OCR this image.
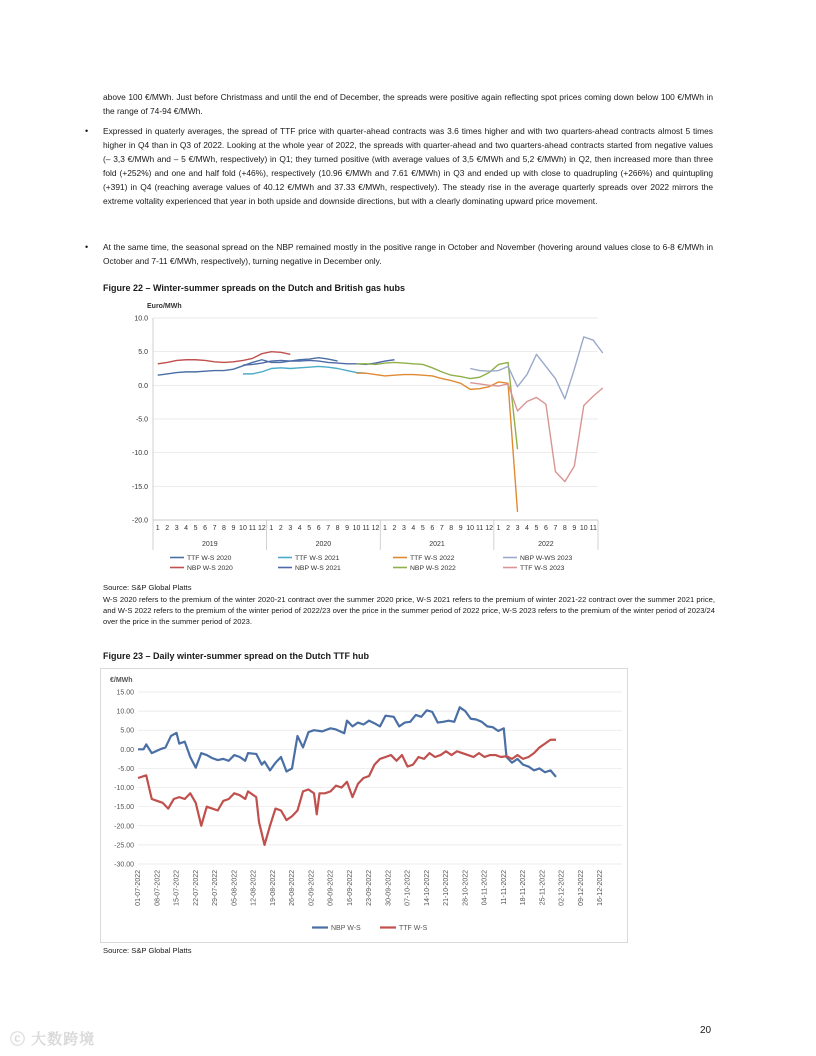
above 100 €/MWh. Just before Christmass and until the end of December, the spreads were positive again reflecting spot prices coming down below 100 €/MWh in the range of 74-94 €/MWh.

• Expressed in quaterly averages, the spread of TTF price with quarter-ahead contracts was 3.6 times higher and with two quarters-ahead contracts almost 5 times higher in Q4 than in Q3 of 2022. Looking at the whole year of 2022, the spreads with quarter-ahead and two quarters-ahead contracts started from negative values (– 3,3 €/MWh and – 5 €/MWh, respectively) in Q1; they turned positive (with average values of 3,5 €/MWh and 5,2 €/MWh) in Q2, then increased more than three fold (+252%) and one and half fold (+46%), respectively (10.96 €/MWh and 7.61 €/MWh) in Q3 and ended up with close to quadrupling (+266%) and quintupling (+391) in Q4 (reaching average values of 40.12 €/MWh and 37.33 €/MWh, respectively). The steady rise in the average quarterly spreads over 2022 mirrors the extreme voltality experienced that year in both upside and downside directions, but with a clearly dominating upward price movement.

• At the same time, the seasonal spread on the NBP remained mostly in the positive range in October and November (hovering around values close to 6-8 €/MWh in October and 7-11 €/MWh, respectively), turning negative in December only.

Figure 22 – Winter-summer spreads on the Dutch and British gas hubs

Euro/MWh
10.0
5.0
0.0
-5.0
-10.0
-15.0
-20.0
1 2 3 4 5 6 7 8 9 10 11 12 1 2 3 4 5 6 7 8 9 10 11 12 1 2 3 4 5 6 7 8 9 10 11 12 1 2 3 4 5 6 7 8 9 10 11
2019	2020	2021	2022
TTF W-S 2020
NBP W-S 2020
TTF W-S 2021
NBP W-S 2021
TTF W-S 2022
NBP W-S 2022
NBP W-WS 2023
TTF W-S 2023

Source: S&P Global Platts

W-S 2020 refers to the premium of the winter 2020-21 contract over the summer 2020 price, W-S 2021 refers to the premium of winter 2021-22 contract over the summer 2021 price, and W-S 2022 refers to the premium of the winter period of 2022/23 over the price in the summer period of 2022 price, W-S 2023 refers to the premium of the winter period of 2023/24 over the price in the summer period of 2023.

Figure 23 – Daily winter-summer spread on the Dutch TTF hub

€/MWh
15.00
10.00
5.00
0.00
-5.00
-10.00
-15.00
-20.00
-25.00
-30.00
01-07-2022 08-07-2022 15-07-2022 22-07-2022 29-07-2022 05-08-2022 12-08-2022 19-08-2022 26-08-2022 02-09-2022 09-09-2022 16-09-2022 23-09-2022 30-09-2022 07-10-2022 14-10-2022 21-10-2022 28-10-2022 04-11-2022 11-11-2022 18-11-2022 25-11-2022 02-12-2022 09-12-2022 16-12-2022
NBP W-S	TTF W-S

Source: S&P Global Platts

ⓒ 大数跨境
20
